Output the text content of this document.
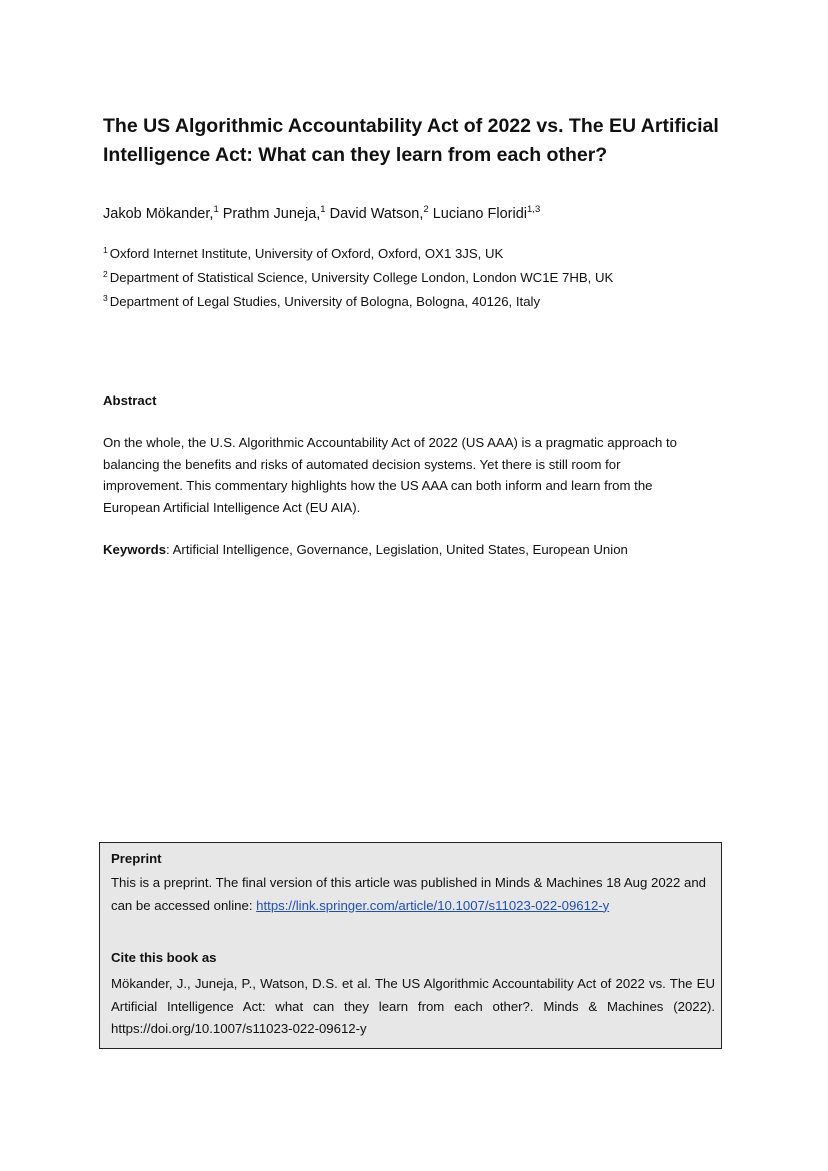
The US Algorithmic Accountability Act of 2022 vs. The EU Artificial Intelligence Act: What can they learn from each other?
Jakob Mökander,$^1$ Prathm Juneja,$^1$ David Watson,$^2$ Luciano Floridi$^{1,3}$
$^1$ Oxford Internet Institute, University of Oxford, Oxford, OX1 3JS, UK
$^2$ Department of Statistical Science, University College London, London WC1E 7HB, UK
$^3$ Department of Legal Studies, University of Bologna, Bologna, 40126, Italy
Abstract
On the whole, the U.S. Algorithmic Accountability Act of 2022 (US AAA) is a pragmatic approach to balancing the benefits and risks of automated decision systems. Yet there is still room for improvement. This commentary highlights how the US AAA can both inform and learn from the European Artificial Intelligence Act (EU AIA).
Keywords: Artificial Intelligence, Governance, Legislation, United States, European Union
Preprint
This is a preprint. The final version of this article was published in Minds & Machines 18 Aug 2022 and can be accessed online: https://link.springer.com/article/10.1007/s11023-022-09612-y
Cite this book as
Mökander, J., Juneja, P., Watson, D.S. et al. The US Algorithmic Accountability Act of 2022 vs. The EU Artificial Intelligence Act: what can they learn from each other?. Minds & Machines (2022). https://doi.org/10.1007/s11023-022-09612-y
